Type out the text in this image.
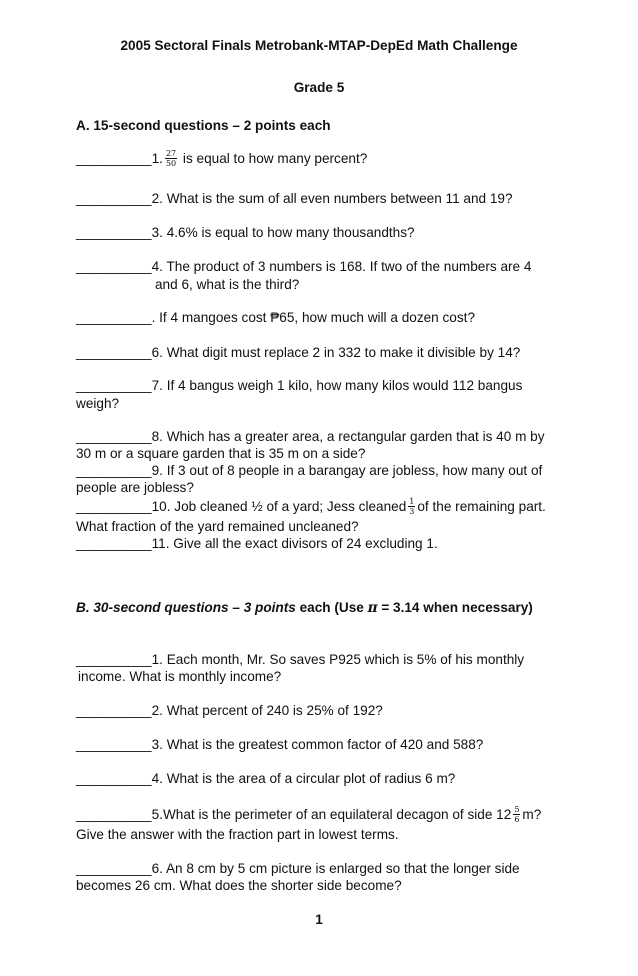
2005 Sectoral Finals Metrobank-MTAP-DepEd Math Challenge
Grade 5
A. 15-second questions – 2 points each
__________1. $\frac{27}{50}$ is equal to how many percent?
__________2. What is the sum of all even numbers between 11 and 19?
__________3. 4.6% is equal to how many thousandths?
__________4. The product of 3 numbers is 168. If two of the numbers are 4
and 6, what is the third?
__________. If 4 mangoes cost ₱65, how much will a dozen cost?
__________6. What digit must replace 2 in 332 to make it divisible by 14?
__________7. If 4 bangus weigh 1 kilo, how many kilos would 112 bangus
weigh?
__________8. Which has a greater area, a rectangular garden that is 40 m by
30 m or a square garden that is 35 m on a side?
__________9. If 3 out of 8 people in a barangay are jobless, how many out of
people are jobless?
__________10. Job cleaned ½ of a yard; Jess cleaned $\frac{1}{3}$ of the remaining part.
What fraction of the yard remained uncleaned?
__________11. Give all the exact divisors of 24 excluding 1.
B. 30-second questions – 3 points each (Use π = 3.14 when necessary)
__________1. Each month, Mr. So saves P925 which is 5% of his monthly
income. What is monthly income?
__________2. What percent of 240 is 25% of 192?
__________3. What is the greatest common factor of 420 and 588?
__________4. What is the area of a circular plot of radius 6 m?
__________5.What is the perimeter of an equilateral decagon of side $12 \frac{5}{6} m$?
Give the answer with the fraction part in lowest terms.
__________6. An 8 cm by 5 cm picture is enlarged so that the longer side
becomes 26 cm. What does the shorter side become?
1
